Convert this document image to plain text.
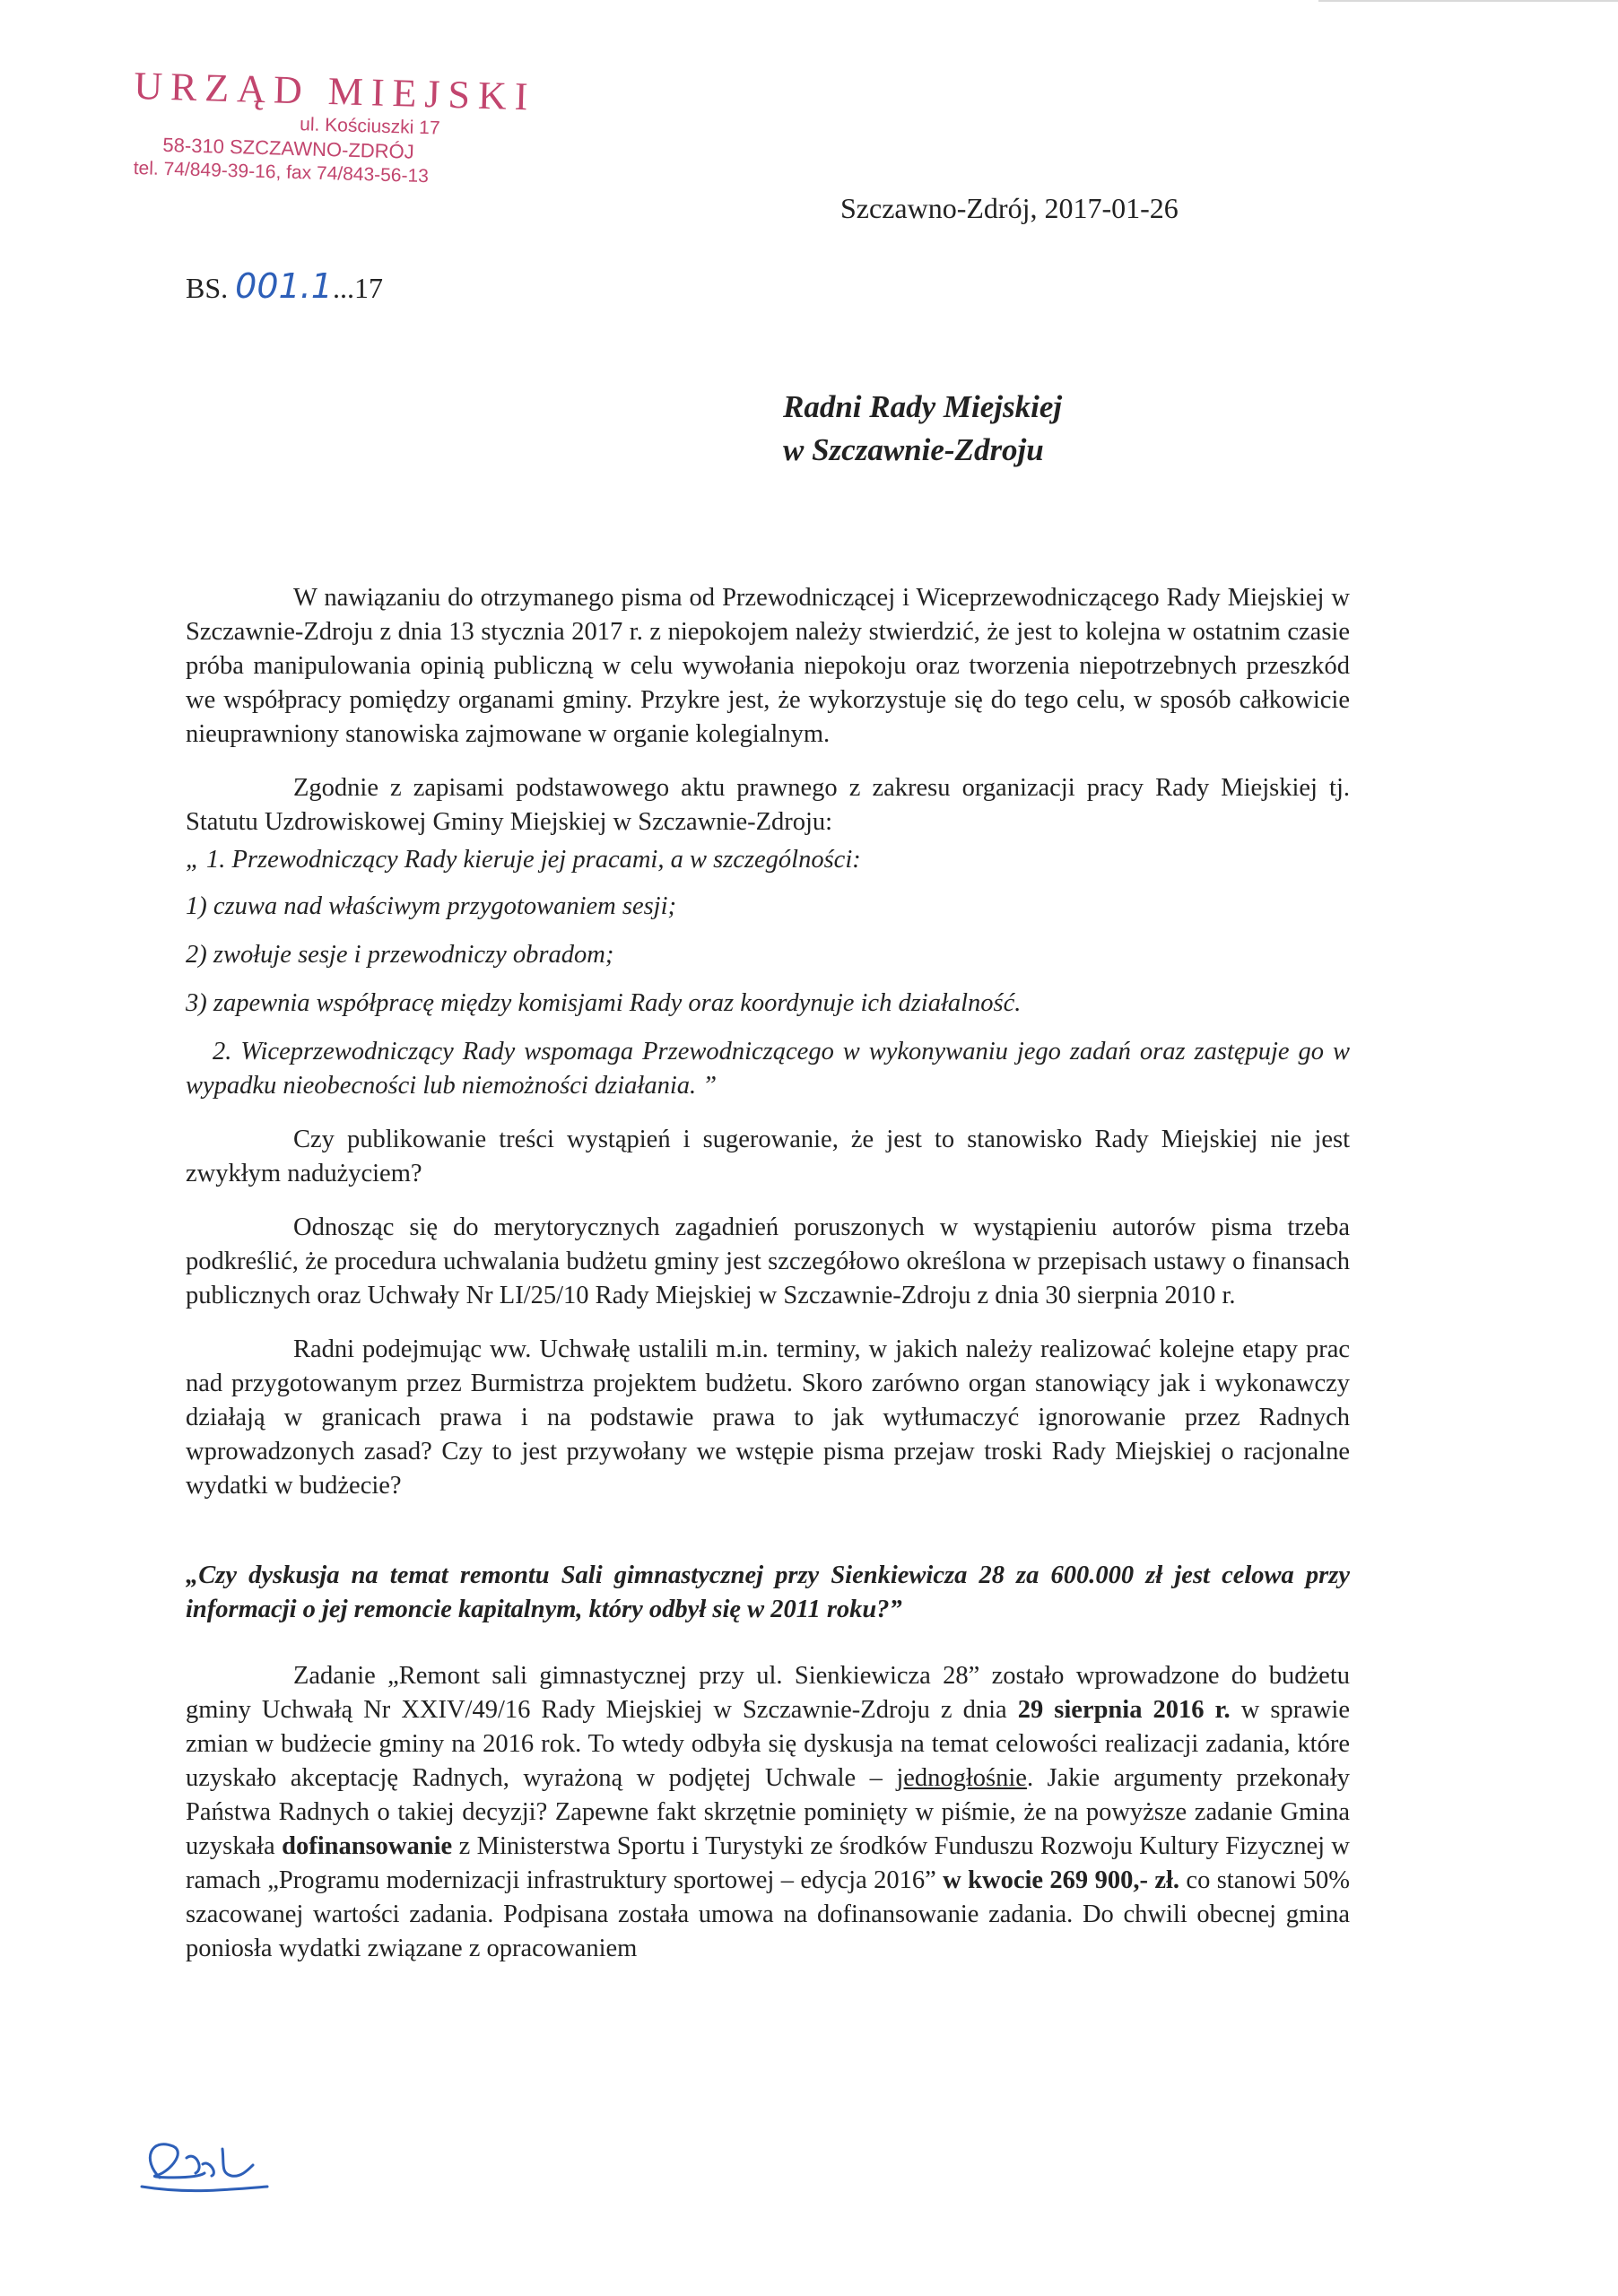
URZĄD MIEJSKI

ul. Kościuszki 17
58-310 SZCZAWNO-ZDRÓJ
tel. 74/849-39-16, fax 74/843-56-13
Szczawno-Zdrój, 2017-01-26
BS. 001.1...17
Radni Rady Miejskiej
w Szczawnie-Zdroju

W nawiązaniu do otrzymanego pisma od Przewodniczącej i Wiceprzewodniczącego Rady Miejskiej w Szczawnie-Zdroju z dnia 13 stycznia 2017 r. z niepokojem należy stwierdzić, że jest to kolejna w ostatnim czasie próba manipulowania opinią publiczną w celu wywołania niepokoju oraz tworzenia niepotrzebnych przeszkód we współpracy pomiędzy organami gminy. Przykre jest, że wykorzystuje się do tego celu, w sposób całkowicie nieuprawniony stanowiska zajmowane w organie kolegialnym.

Zgodnie z zapisami podstawowego aktu prawnego z zakresu organizacji pracy Rady Miejskiej tj. Statutu Uzdrowiskowej Gminy Miejskiej w Szczawnie-Zdroju:

„ 1. Przewodniczący Rady kieruje jej pracami, a w szczególności:

1) czuwa nad właściwym przygotowaniem sesji;

2) zwołuje sesje i przewodniczy obradom;

3) zapewnia współpracę między komisjami Rady oraz koordynuje ich działalność.

2. Wiceprzewodniczący Rady wspomaga Przewodniczącego w wykonywaniu jego zadań oraz zastępuje go w wypadku nieobecności lub niemożności działania. ”

Czy publikowanie treści wystąpień i sugerowanie, że jest to stanowisko Rady Miejskiej nie jest zwykłym nadużyciem?

Odnosząc się do merytorycznych zagadnień poruszonych w wystąpieniu autorów pisma trzeba podkreślić, że procedura uchwalania budżetu gminy jest szczegółowo określona w przepisach ustawy o finansach publicznych oraz Uchwały Nr LI/25/10 Rady Miejskiej w Szczawnie-Zdroju z dnia 30 sierpnia 2010 r.

Radni podejmując ww. Uchwałę ustalili m.in. terminy, w jakich należy realizować kolejne etapy prac nad przygotowanym przez Burmistrza projektem budżetu. Skoro zarówno organ stanowiący jak i wykonawczy działają w granicach prawa i na podstawie prawa to jak wytłumaczyć ignorowanie przez Radnych wprowadzonych zasad? Czy to jest przywołany we wstępie pisma przejaw troski Rady Miejskiej o racjonalne wydatki w budżecie?

„Czy dyskusja na temat remontu Sali gimnastycznej przy Sienkiewicza 28 za 600.000 zł jest celowa przy informacji o jej remoncie kapitalnym, który odbył się w 2011 roku?”

Zadanie „Remont sali gimnastycznej przy ul. Sienkiewicza 28” zostało wprowadzone do budżetu gminy Uchwałą Nr XXIV/49/16 Rady Miejskiej w Szczawnie-Zdroju z dnia 29 sierpnia 2016 r. w sprawie zmian w budżecie gminy na 2016 rok. To wtedy odbyła się dyskusja na temat celowości realizacji zadania, które uzyskało akceptację Radnych, wyrażoną w podjętej Uchwale – jednogłośnie. Jakie argumenty przekonały Państwa Radnych o takiej decyzji? Zapewne fakt skrzętnie pominięty w piśmie, że na powyższe zadanie Gmina uzyskała dofinansowanie z Ministerstwa Sportu i Turystyki ze środków Funduszu Rozwoju Kultury Fizycznej w ramach „Programu modernizacji infrastruktury sportowej – edycja 2016” w kwocie 269 900,- zł. co stanowi 50% szacowanej wartości zadania. Podpisana została umowa na dofinansowanie zadania. Do chwili obecnej gmina poniosła wydatki związane z opracowaniem
